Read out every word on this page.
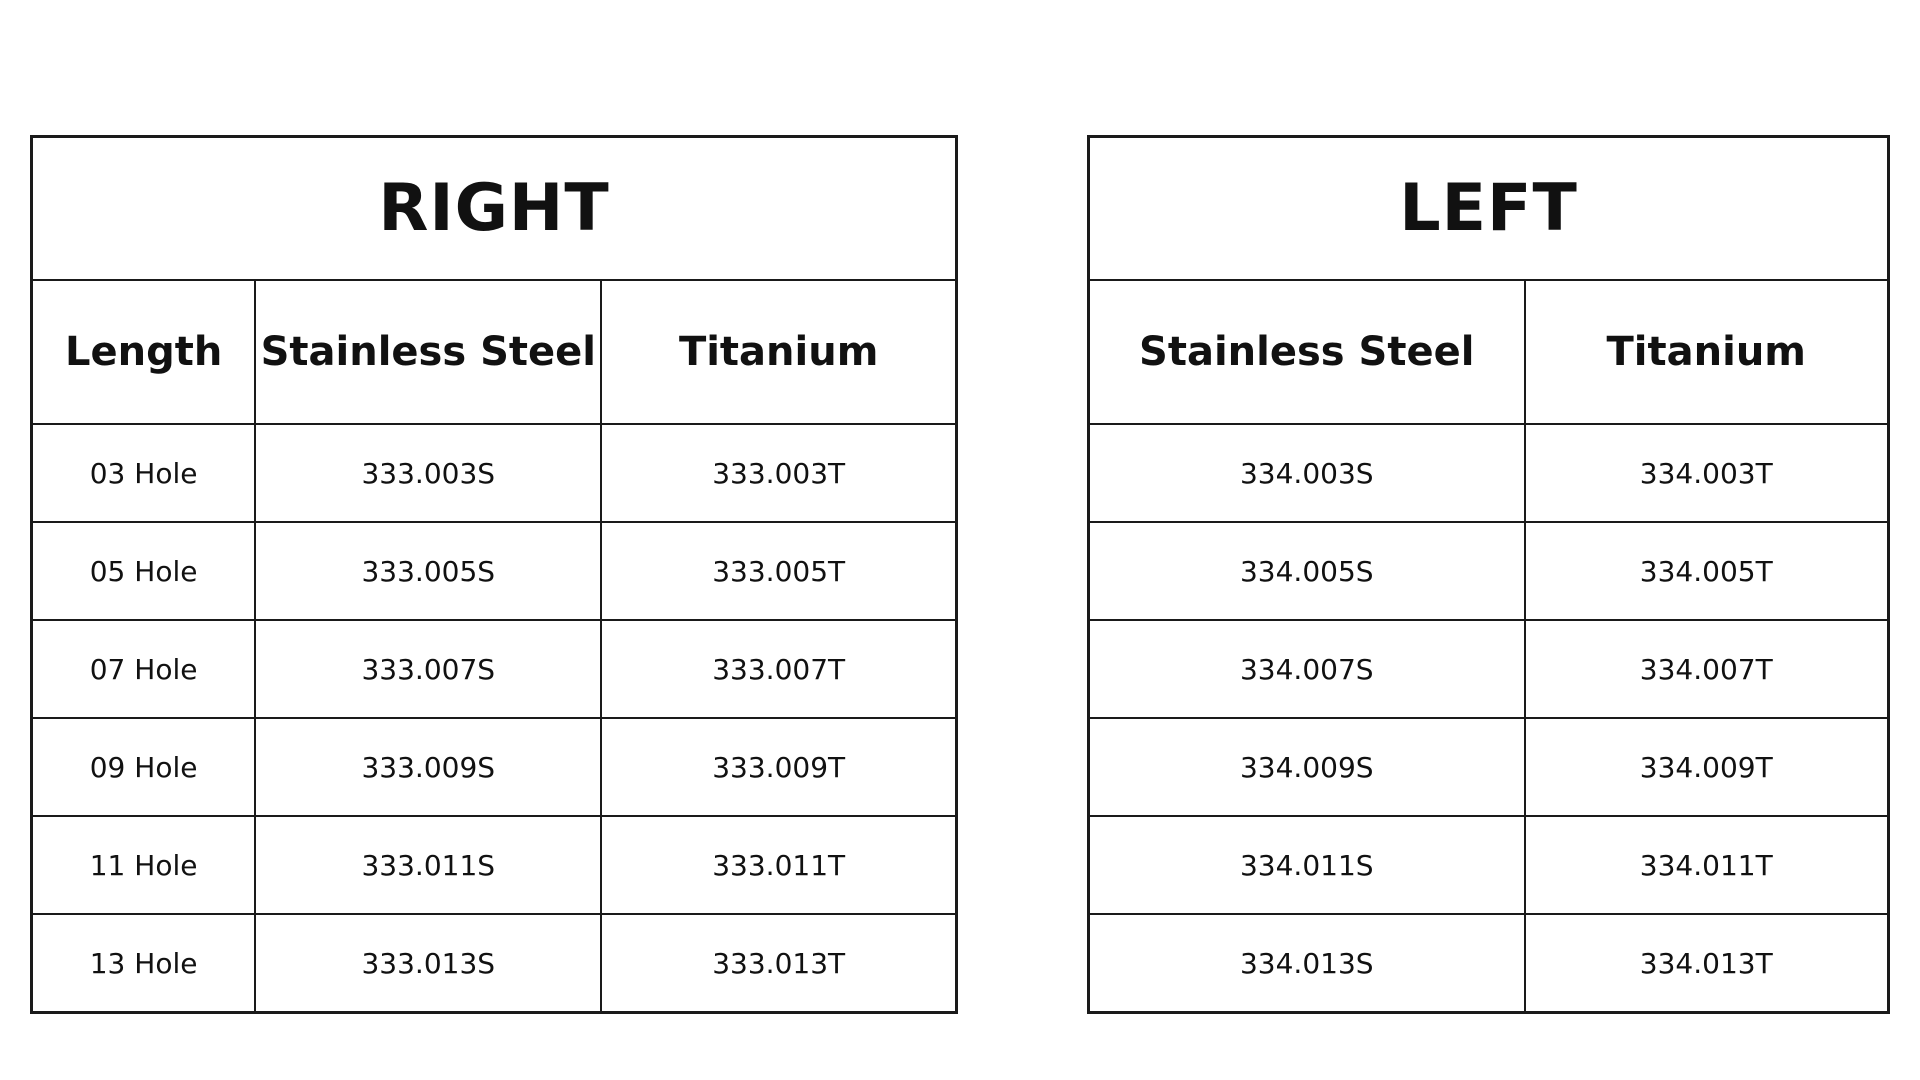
RIGHT		
Length	Stainless Steel	Titanium
03 Hole	333.003S	333.003T
05 Hole	333.005S	333.005T
07 Hole	333.007S	333.007T
09 Hole	333.009S	333.009T
11 Hole	333.011S	333.011T
13 Hole	333.013S	333.013T
LEFT	
Stainless Steel	Titanium
334.003S	334.003T
334.005S	334.005T
334.007S	334.007T
334.009S	334.009T
334.011S	334.011T
334.013S	334.013T
